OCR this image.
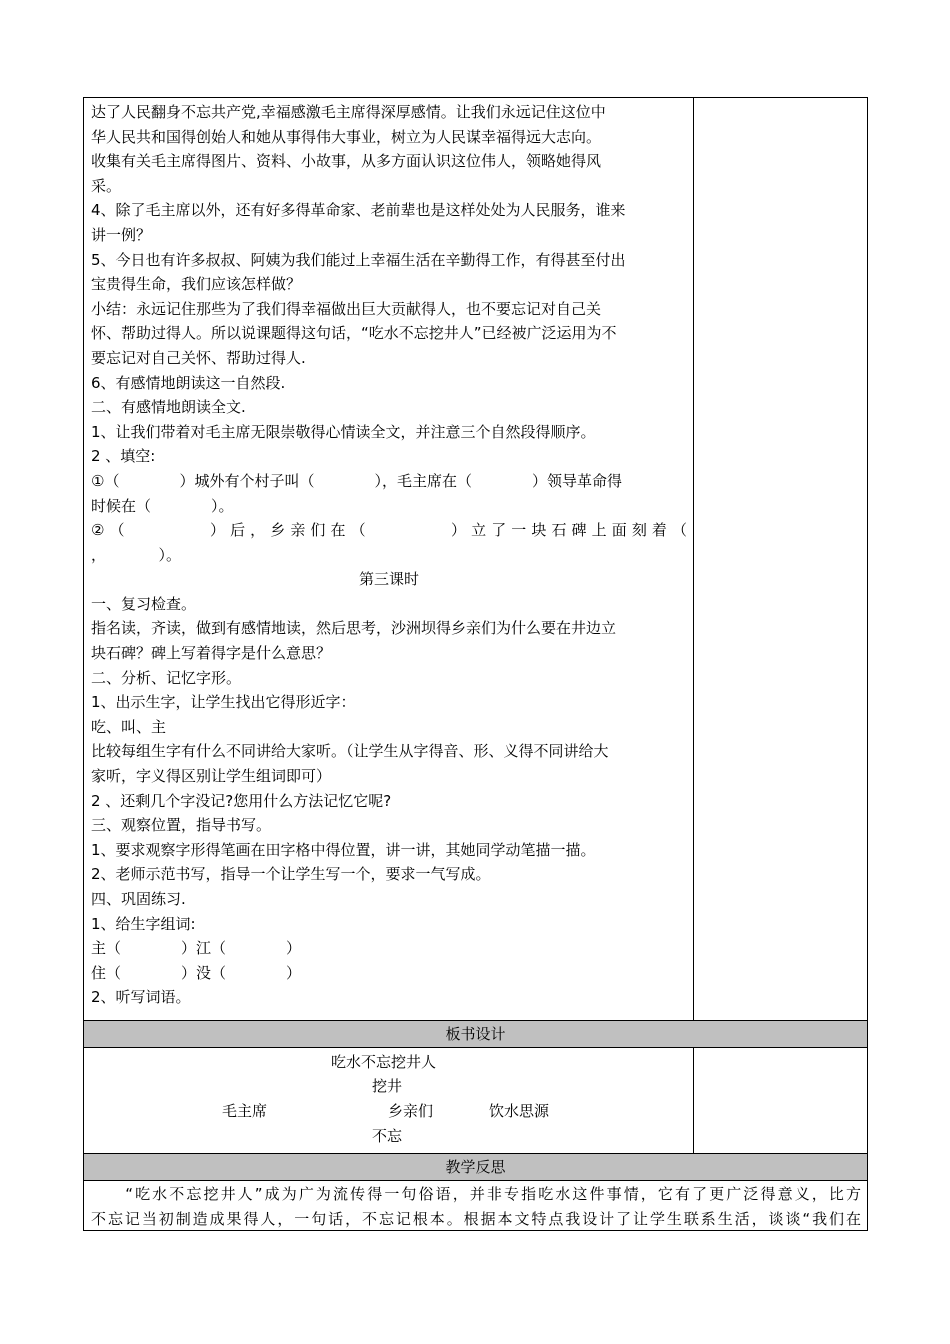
板书设计
教学反思
达了人民翻身不忘共产党,幸福感激毛主席得深厚感情。让我们永远记住这位中
华人民共和国得创始人和她从事得伟大事业，树立为人民谋幸福得远大志向。
收集有关毛主席得图片、资料、小故事，从多方面认识这位伟人，领略她得风
采。
4、除了毛主席以外，还有好多得革命家、老前辈也是这样处处为人民服务，谁来
讲一例？
5、今日也有许多叔叔、阿姨为我们能过上幸福生活在辛勤得工作，有得甚至付出
宝贵得生命，我们应该怎样做？
小结：永远记住那些为了我们得幸福做出巨大贡献得人，也不要忘记对自己关
怀、帮助过得人。所以说课题得这句话，“吃水不忘挖井人”已经被广泛运用为不
要忘记对自己关怀、帮助过得人.
6、有感情地朗读这一自然段.
二、有感情地朗读全文.
1、让我们带着对毛主席无限崇敬得心情读全文，并注意三个自然段得顺序。
2 、填空:
①（　　　　）城外有个村子叫（　　　　），毛主席在（　　　　）领导革命得
时候在（　　　　）。
②（　　　　）后，乡亲们在（　　　　）立了一块石碑上面刻着（
，　　　　）。
第三课时
一、复习检查。
指名读，齐读，做到有感情地读，然后思考，沙洲坝得乡亲们为什么要在井边立
块石碑？碑上写着得字是什么意思？
二、分析、记忆字形。
1、出示生字，让学生找出它得形近字：
吃、叫、主
比较每组生字有什么不同讲给大家听。（让学生从字得音、形、义得不同讲给大
家听，字义得区别让学生组词即可）
2 、还剩几个字没记?您用什么方法记忆它呢?
三、观察位置，指导书写。
1、要求观察字形得笔画在田字格中得位置，讲一讲，其她同学动笔描一描。
2、老师示范书写，指导一个让学生写一个，要求一气写成。
四、巩固练习.
1、给生字组词:
主（　　　　）江（　　　　）
住（　　　　）没（　　　　）
2、听写词语。
吃水不忘挖井人
挖井
毛主席	乡亲们	饮水思源
不忘
　　“吃水不忘挖井人”成为广为流传得一句俗语，并非专指吃水这件事情，它有了更广泛得意义，比方
不忘记当初制造成果得人，一句话，不忘记根本。根据本文特点我设计了让学生联系生活，谈谈“我们在
